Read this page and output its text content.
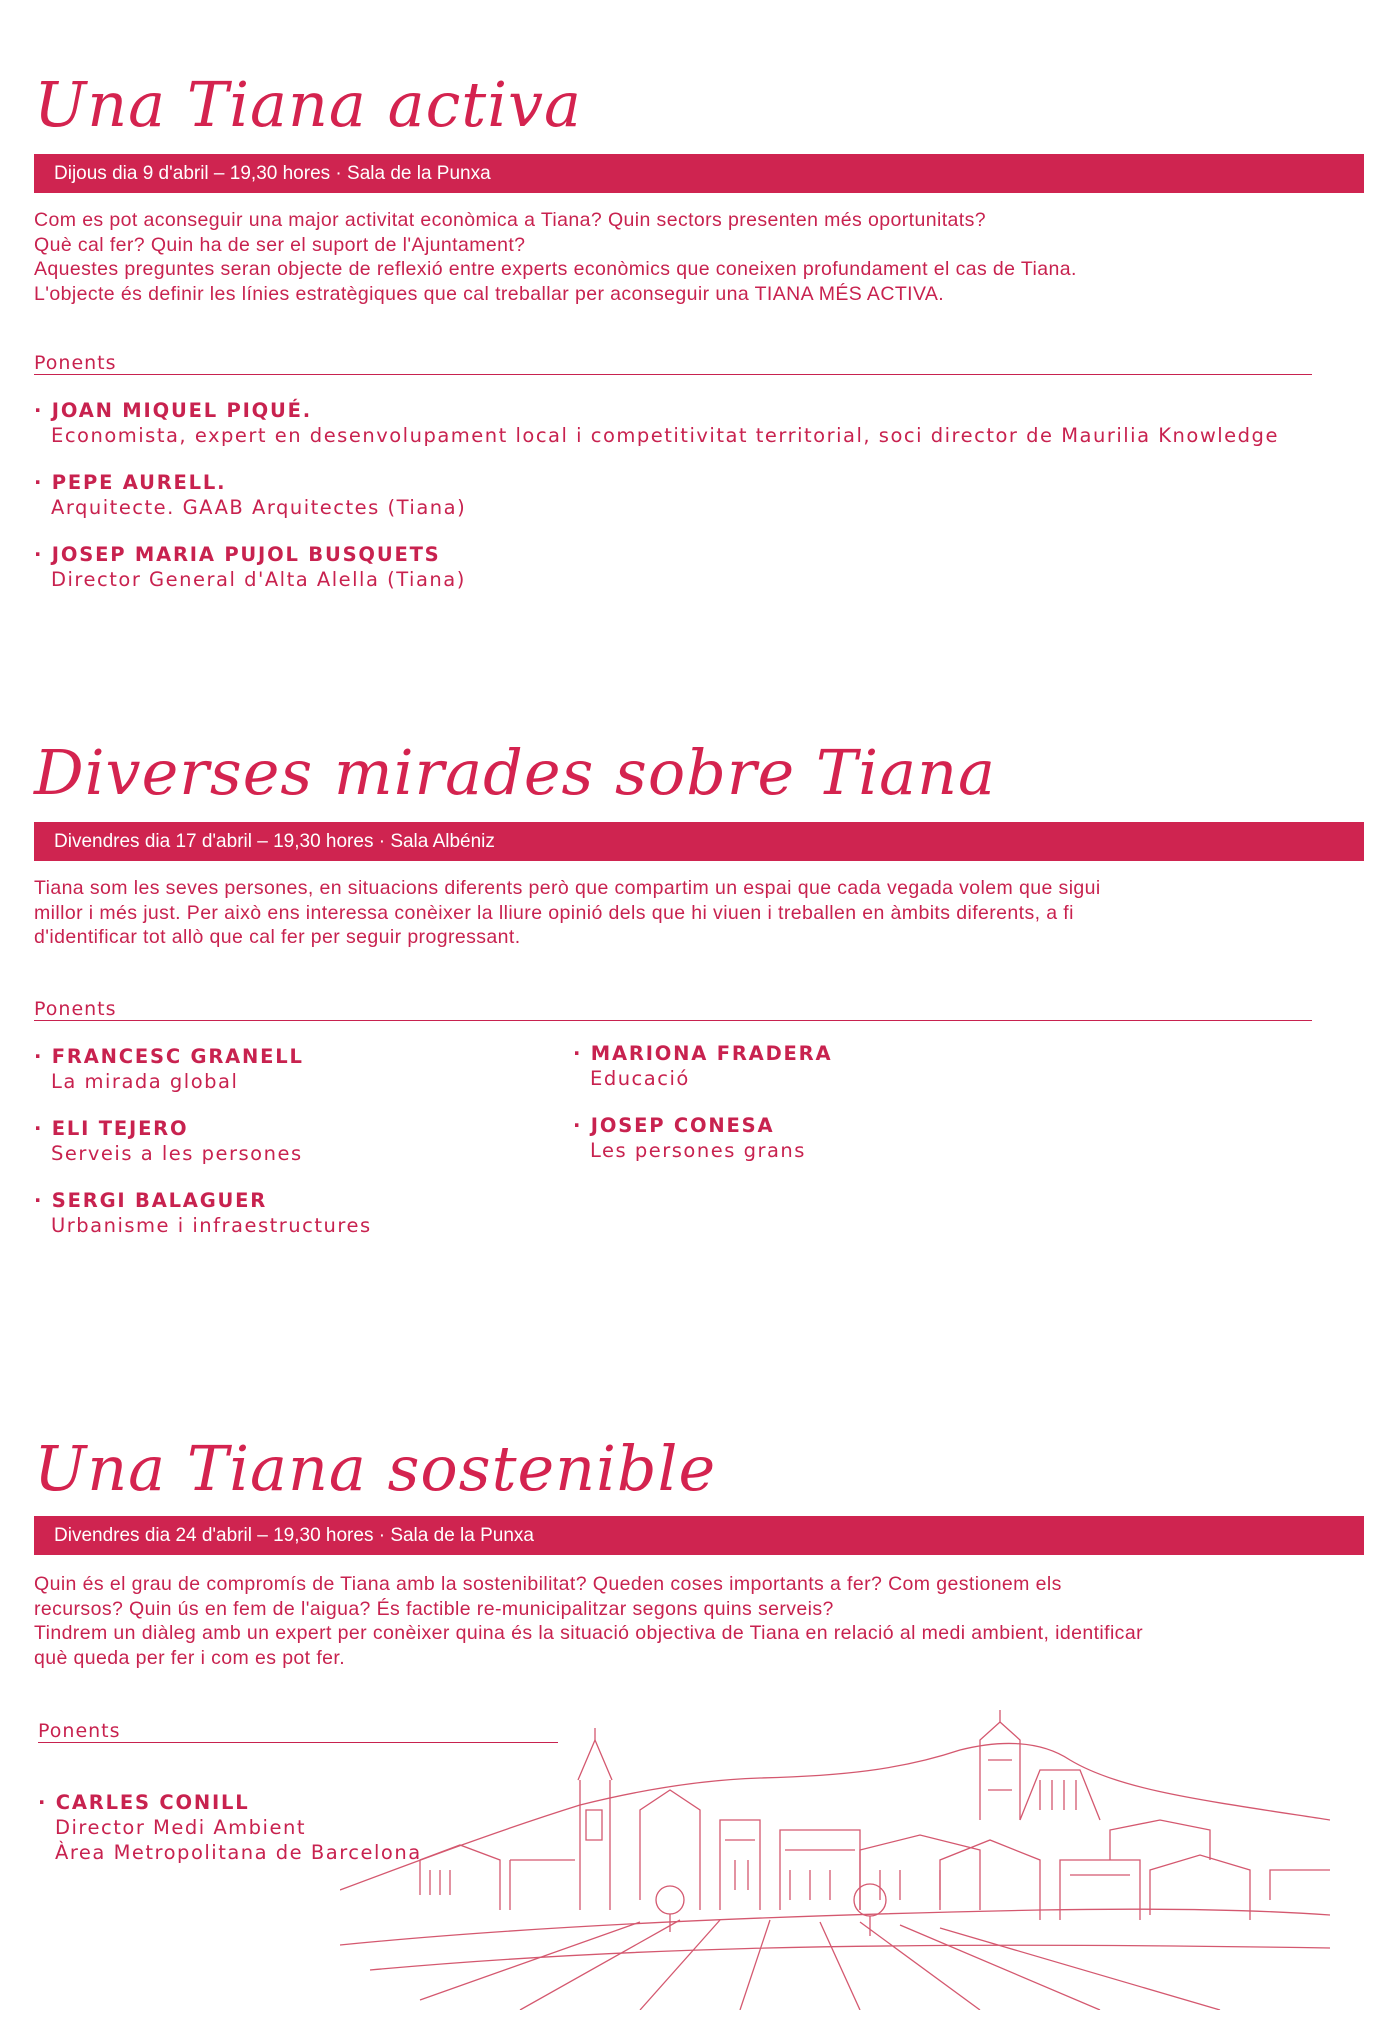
Una Tiana activa
Dijous dia 9 d'abril – 19,30 hores · Sala de la Punxa

Com es pot aconseguir una major activitat econòmica a Tiana? Quin sectors presenten més oportunitats?

Què cal fer? Quin ha de ser el suport de l'Ajuntament?

Aquestes preguntes seran objecte de reflexió entre experts econòmics que coneixen profundament el cas de Tiana.

L'objecte és definir les línies estratègiques que cal treballar per aconseguir una TIANA MÉS ACTIVA.

Ponents
· JOAN MIQUEL PIQUÉ.
Economista, expert en desenvolupament local i competitivitat territorial, soci director de Maurilia Knowledge
· PEPE AURELL.
Arquitecte. GAAB Arquitectes (Tiana)
· JOSEP MARIA PUJOL BUSQUETS
Director General d'Alta Alella (Tiana)
Diverses mirades sobre Tiana
Divendres dia 17 d'abril – 19,30 hores · Sala Albéniz

Tiana som les seves persones, en situacions diferents però que compartim un espai que cada vegada volem que sigui

millor i més just. Per això ens interessa conèixer la lliure opinió dels que hi viuen i treballen en àmbits diferents, a fi

d'identificar tot allò que cal fer per seguir progressant.

Ponents
· FRANCESC GRANELL
La mirada global
· ELI TEJERO
Serveis a les persones
· SERGI BALAGUER
Urbanisme i infraestructures
· MARIONA FRADERA
Educació
· JOSEP CONESA
Les persones grans
Una Tiana sostenible
Divendres dia 24 d'abril – 19,30 hores · Sala de la Punxa

Quin és el grau de compromís de Tiana amb la sostenibilitat? Queden coses importants a fer? Com gestionem els

recursos? Quin ús en fem de l'aigua? És factible re-municipalitzar segons quins serveis?

Tindrem un diàleg amb un expert per conèixer quina és la situació objectiva de Tiana en relació al medi ambient, identificar

què queda per fer i com es pot fer.

Ponents
· CARLES CONILL
Director Medi Ambient
Àrea Metropolitana de Barcelona
